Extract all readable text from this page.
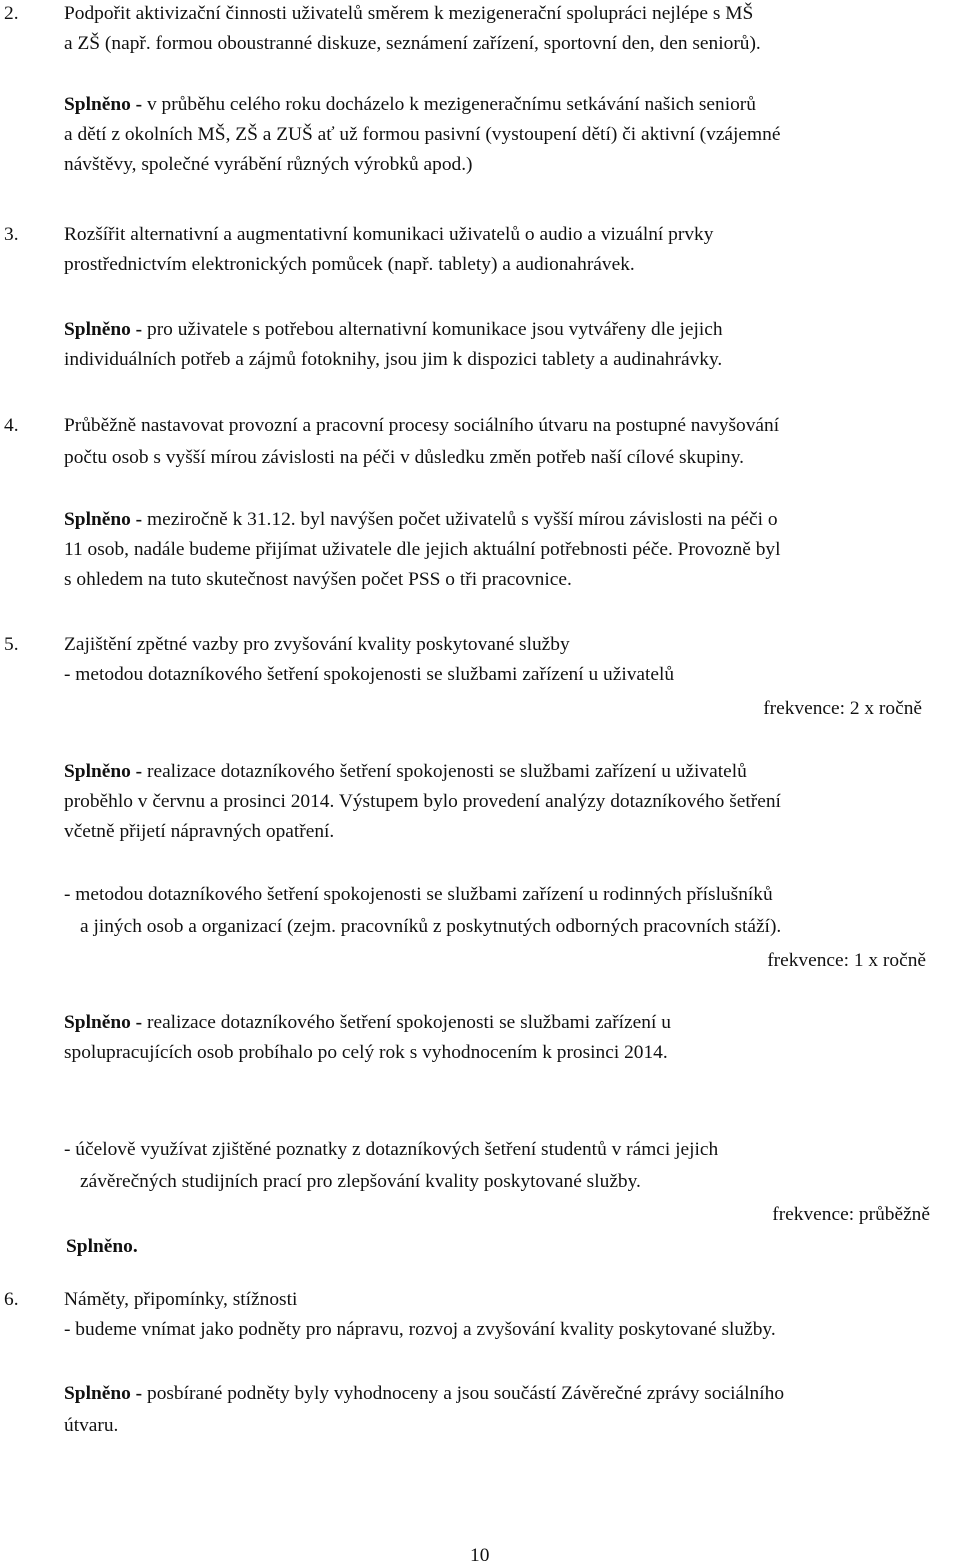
2. Podpořit aktivizační činnosti uživatelů směrem k mezigenerační spolupráci nejlépe s MŠ
a ZŠ (např. formou oboustranné diskuze, seznámení zařízení, sportovní den, den seniorů).
Splněno - v průběhu celého roku docházelo k mezigeneračnímu setkávání našich seniorů
a dětí z okolních MŠ, ZŠ a ZUŠ ať už formou pasivní (vystoupení dětí) či aktivní (vzájemné
návštěvy, společné vyrábění různých výrobků apod.)
3. Rozšířit alternativní a augmentativní komunikaci uživatelů o audio a vizuální prvky
prostřednictvím elektronických pomůcek (např. tablety) a audionahrávek.
Splněno - pro uživatele s potřebou alternativní komunikace jsou vytvářeny dle jejich
individuálních potřeb a zájmů fotoknihy, jsou jim k dispozici tablety a audinahrávky.
4. Průběžně nastavovat provozní a pracovní procesy sociálního útvaru na postupné navyšování
počtu osob s vyšší mírou závislosti na péči v důsledku změn potřeb naší cílové skupiny.
Splněno - meziročně k 31.12. byl navýšen počet uživatelů s vyšší mírou závislosti na péči o
11 osob, nadále budeme přijímat uživatele dle jejich aktuální potřebnosti péče. Provozně byl
s ohledem na tuto skutečnost navýšen počet PSS o tři pracovnice.
5. Zajištění zpětné vazby pro zvyšování kvality poskytované služby
- metodou dotazníkového šetření spokojenosti se službami zařízení u uživatelů
frekvence: 2 x ročně
Splněno - realizace dotazníkového šetření spokojenosti se službami zařízení u uživatelů
proběhlo v červnu a prosinci 2014. Výstupem bylo provedení analýzy dotazníkového šetření
včetně přijetí nápravných opatření.
- metodou dotazníkového šetření spokojenosti se službami zařízení u rodinných příslušníků
a jiných osob a organizací (zejm. pracovníků z poskytnutých odborných pracovních stáží).
frekvence: 1 x ročně
Splněno - realizace dotazníkového šetření spokojenosti se službami zařízení u
spolupracujících osob probíhalo po celý rok s vyhodnocením k prosinci 2014.
- účelově využívat zjištěné poznatky z dotazníkových šetření studentů v rámci jejich
závěrečných studijních prací pro zlepšování kvality poskytované služby.
frekvence: průběžně
Splněno.
6. Náměty, připomínky, stížnosti
- budeme vnímat jako podněty pro nápravu, rozvoj a zvyšování kvality poskytované služby.
Splněno - posbírané podněty byly vyhodnoceny a jsou součástí Závěrečné zprávy sociálního
útvaru.
10
